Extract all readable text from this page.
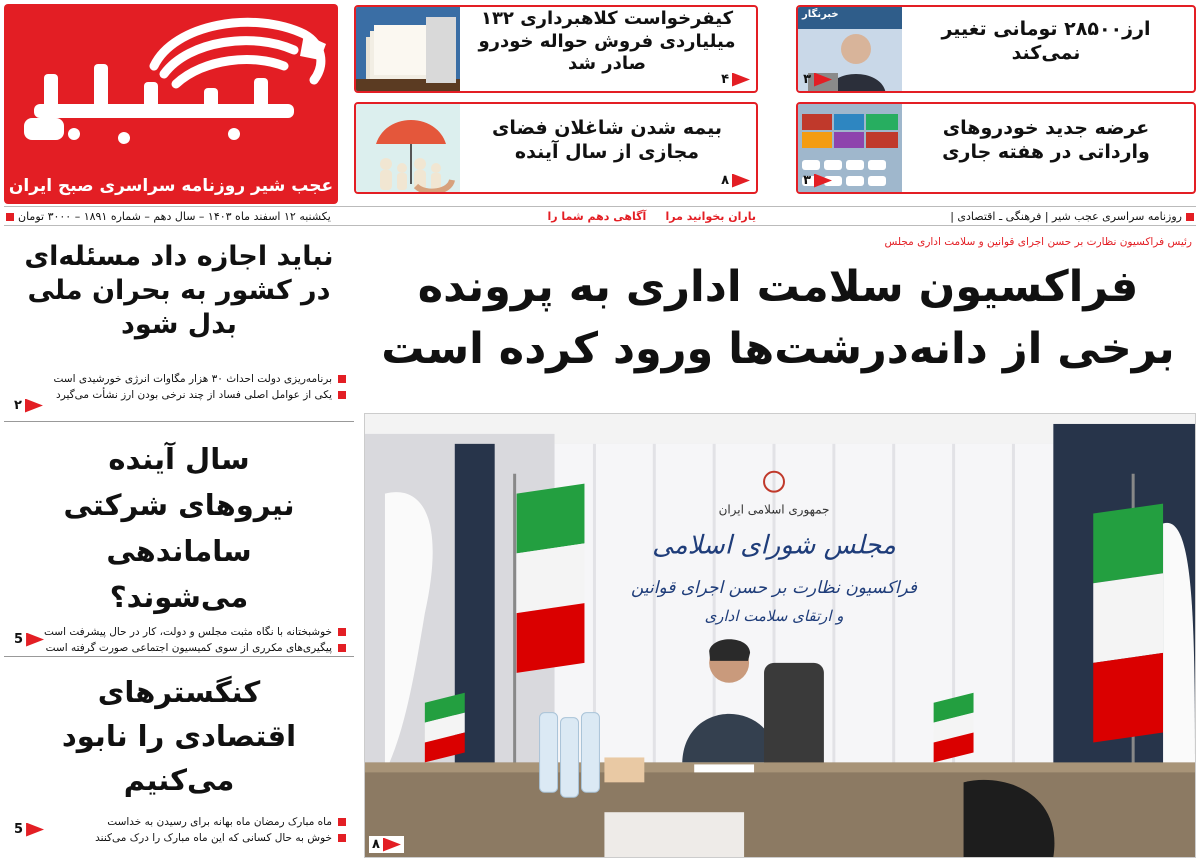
عجب شیر روزنامه سراسری صبح ایران
کیفرخواست کلاهبرداری ۱۳۲ میلیاردی فروش حواله خودرو صادر شد
۴
خبرنگار
ارز۲۸۵۰۰ تومانی تغییر نمی‌کند
۳
بیمه شدن شاغلان فضای مجازی از سال آینده
۸
عرضه جدید خودروهای وارداتی در هفته جاری
۳
روزنامه سراسری عجب شیر | فرهنگی ـ اقتصادی |
یاران بخوانید مرا     آگاهی دهم شما را
یکشنبه ۱۲ اسفند ماه ۱۴۰۳ – سال دهم – شماره ۱۸۹۱ – ۳۰۰۰ تومان
نباید اجازه داد مسئله‌ای در کشور به بحران ملی بدل شود
برنامه‌ریزی دولت احداث ۳۰ هزار مگاوات انرژی خورشیدی است
یکی از عوامل اصلی فساد از چند نرخی بودن ارز نشأت می‌گیرد
۲
سال آینده نیروهای شرکتی ساماندهی می‌شوند؟
خوشبختانه با نگاه مثبت مجلس و دولت، کار در حال پیشرفت است
پیگیری‌های مکرری از سوی کمیسیون اجتماعی صورت گرفته است
5
کنگسترهای اقتصادی را نابود می‌کنیم
ماه مبارک رمضان ماه بهانه برای رسیدن به خداست
خوش به حال کسانی که این ماه مبارک را درک می‌کنند
5
رئیس فراکسیون نظارت بر حسن اجرای قوانین و سلامت اداری مجلس
فراکسیون سلامت اداری به پرونده
برخی از دانه‌درشت‌ها ورود کرده است
جمهوری اسلامی ایران
مجلس شورای اسلامی
فراکسیون نظارت بر حسن اجرای قوانین
و ارتقای سلامت اداری
۸
